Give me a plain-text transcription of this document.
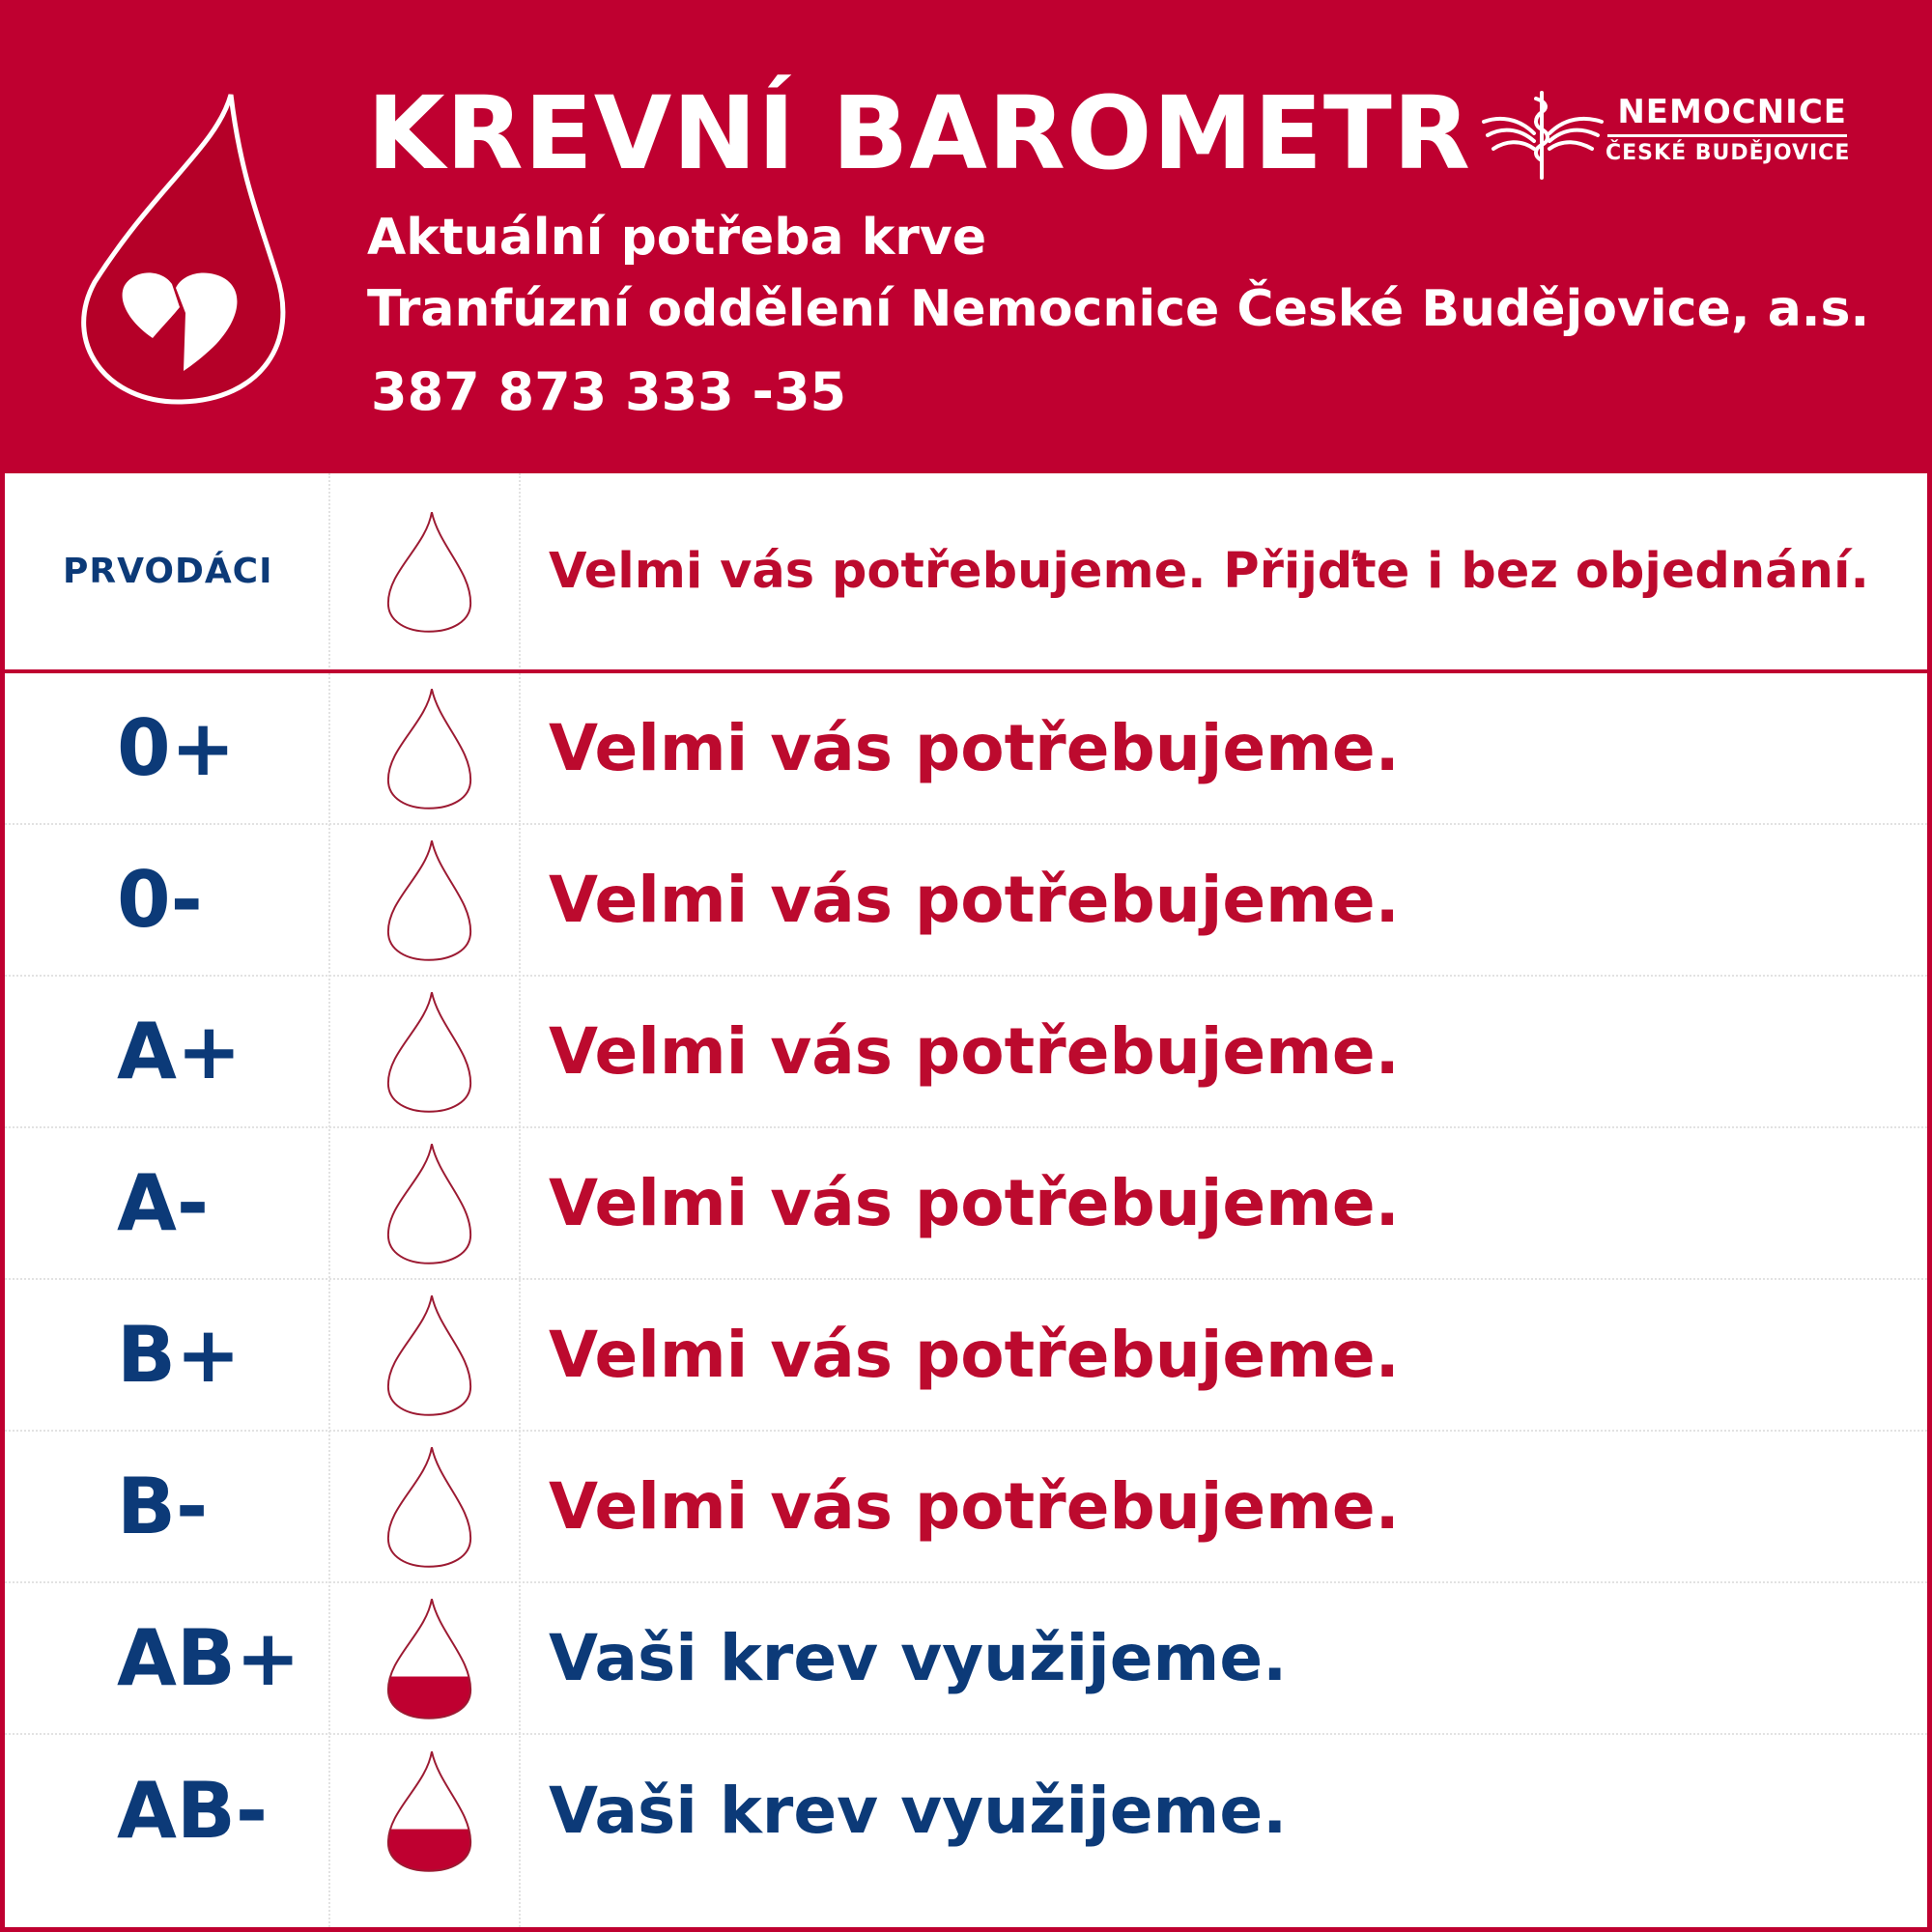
KREVNÍ BAROMETR
Aktuální potřeba krve
Tranfúzní oddělení Nemocnice České Budějovice, a.s.
387 873 333 -35
NEMOCNICE
ČESKÉ BUDĚJOVICE
PRVODÁCI	Velmi vás potřebujeme. Přijďte i bez objednání.
0+	Velmi vás potřebujeme.
0-	Velmi vás potřebujeme.
A+	Velmi vás potřebujeme.
A-	Velmi vás potřebujeme.
B+	Velmi vás potřebujeme.
B-	Velmi vás potřebujeme.
AB+	Vaši krev využijeme.
AB-	Vaši krev využijeme.
